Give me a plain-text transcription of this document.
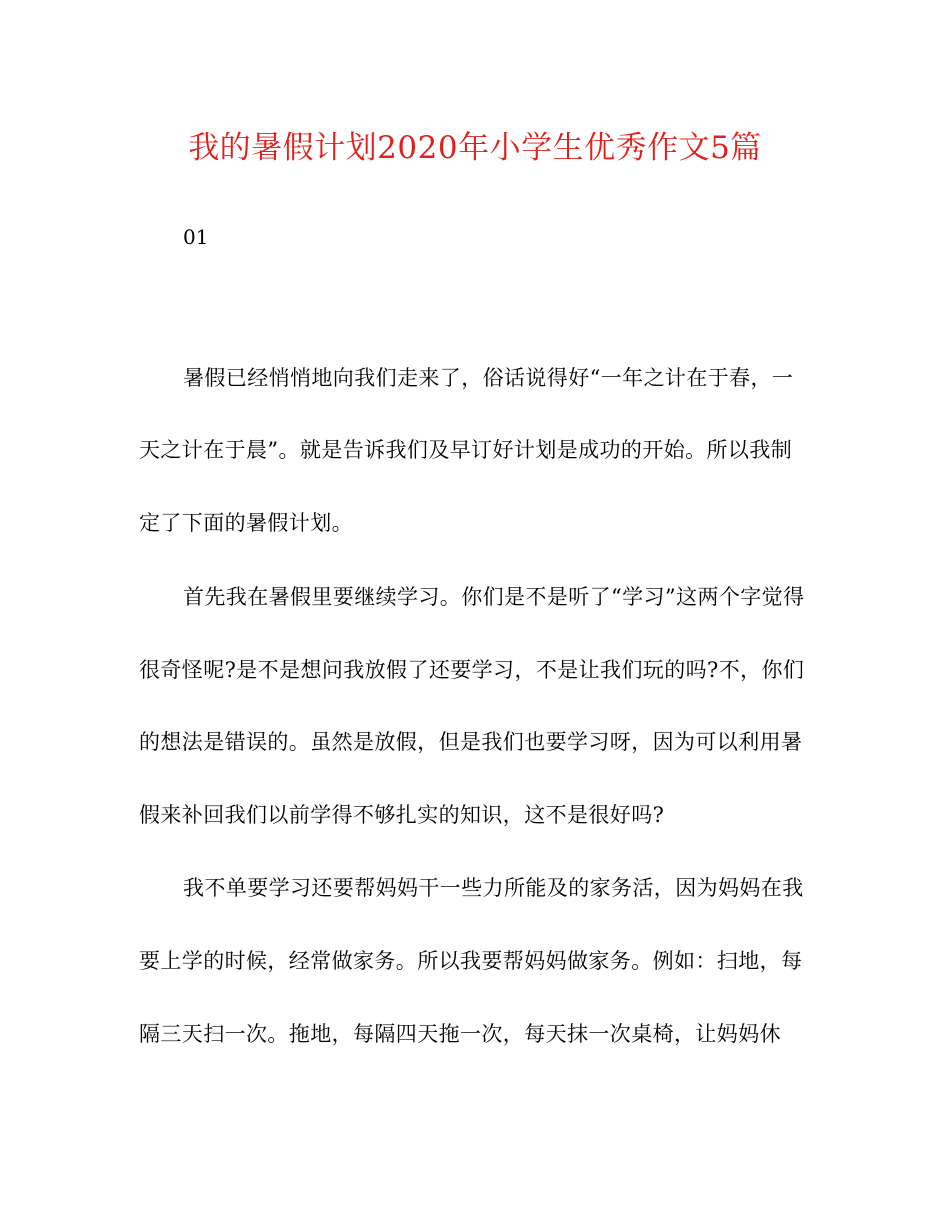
我的暑假计划2020年小学生优秀作文5篇
01
暑假已经悄悄地向我们走来了，俗话说得好“一年之计在于春，一
天之计在于晨”。就是告诉我们及早订好计划是成功的开始。所以我制
定了下面的暑假计划。
首先我在暑假里要继续学习。你们是不是听了“学习”这两个字觉得
很奇怪呢?是不是想问我放假了还要学习，不是让我们玩的吗?不，你们
的想法是错误的。虽然是放假，但是我们也要学习呀，因为可以利用暑
假来补回我们以前学得不够扎实的知识，这不是很好吗?
我不单要学习还要帮妈妈干一些力所能及的家务活，因为妈妈在我
要上学的时候，经常做家务。所以我要帮妈妈做家务。例如：扫地，每
隔三天扫一次。拖地，每隔四天拖一次，每天抹一次桌椅，让妈妈休
